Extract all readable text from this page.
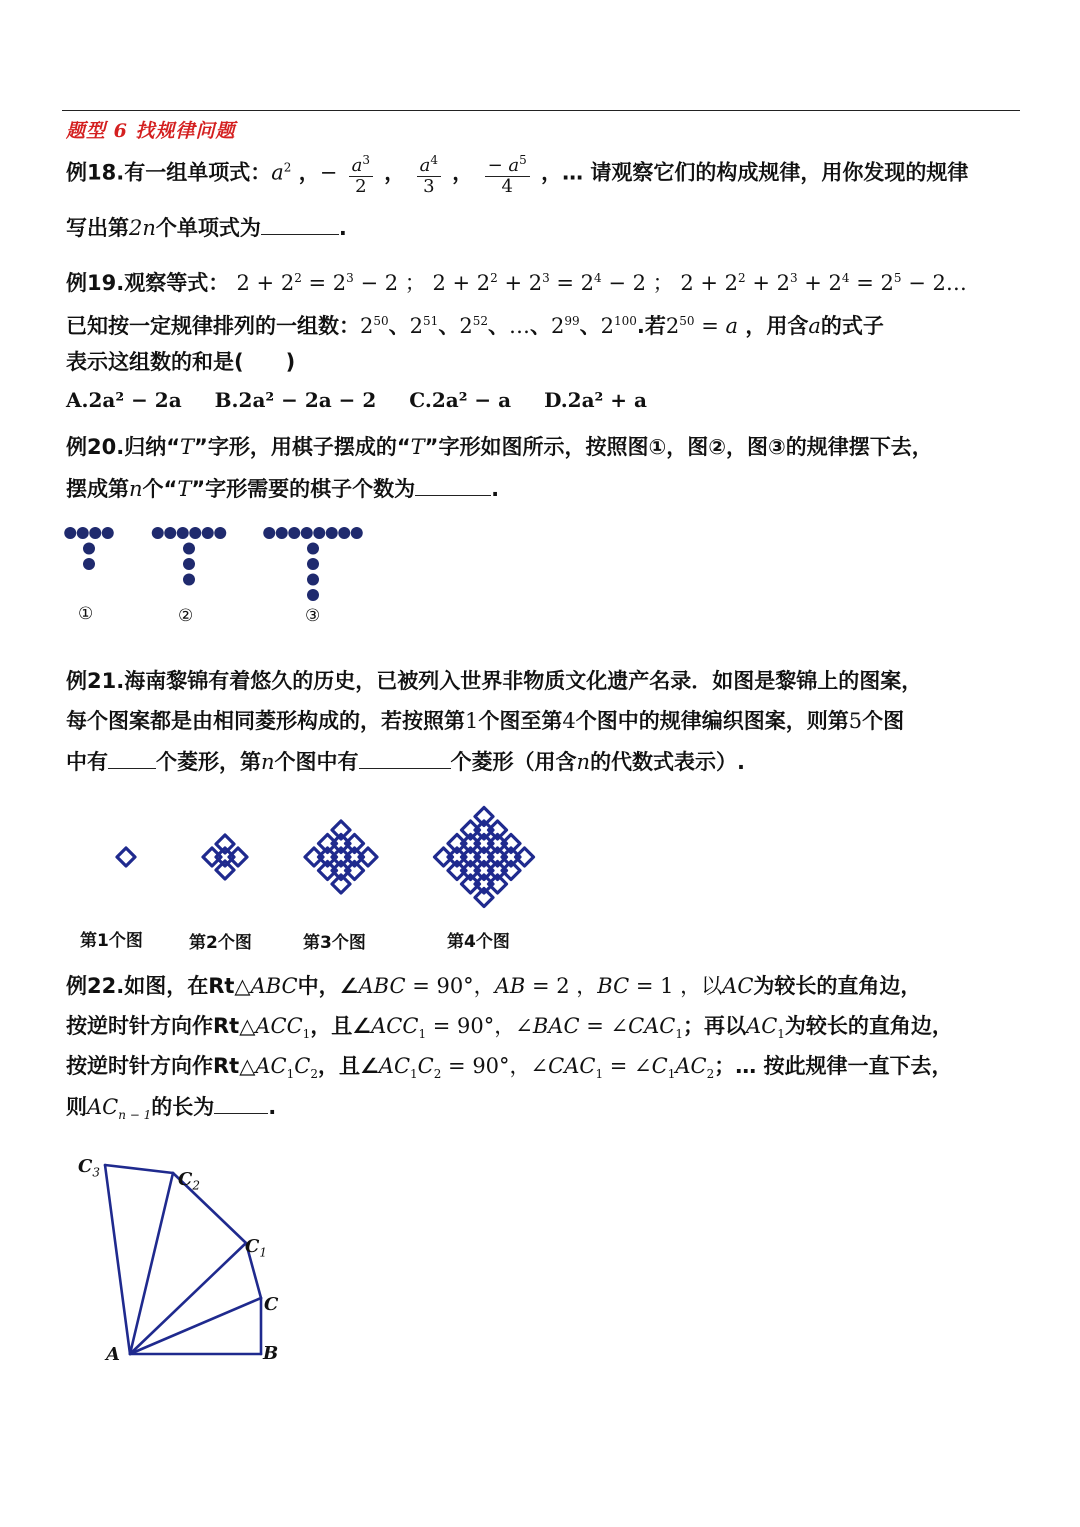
题型 6 找规律问题
例18.有一组单项式：$a^2$ ，− $\frac{a^3}{2}$ ， $\frac{a^4}{3}$ ， $\frac{- a^5}{4}$ ，… 请观察它们的构成规律，用你发现的规律
写出第2n个单项式为	.
例19.观察等式： $2 + 2^2 = 2^3 - 2$ ； $2 + 2^2 + 2^3 = 2^4 - 2$ ； $2 + 2^2 + 2^3 + 2^4 = 2^5$ − 2…
已知按一定规律排列的一组数：$2^{50}$、$2^{51}$、$2^{52}$、…、$2^{99}$、$2^{100}$.若$2^{50} = a$ ，用含a的式子
表示这组数的和是(　　)
A.2a² − 2a B.2a² − 2a − 2 C.2a² − a D.2a² + a
例20.归纳“T”字形，用棋子摆成的“T”字形如图所示，按照图①，图②，图③的规律摆下去，
摆成第n个“T”字形需要的棋子个数为	.
①	②	③
例21.海南黎锦有着悠久的历史，已被列入世界非物质文化遗产名录．如图是黎锦上的图案，
每个图案都是由相同菱形构成的，若按照第1个图至第4个图中的规律编织图案，则第5个图
中有 个菱形，第n个图中有	个菱形（用含n的代数式表示）.
第1个图	第2个图	第3个图	第4个图
例22.如图，在Rt△ABC中，∠ABC = 90°，AB = 2 ，BC = 1 ，以AC为较长的直角边，
按逆时针方向作$Rt\triangle ACC_1$，且$\angle ACC_1 = 90^\circ$，∠BAC = $\angle CAC_1$；再以$AC_1$为较长的直角边，
按逆时针方向作$Rt\triangle AC_1C_2$，且$\angle AC_1C_2 = 90^\circ$，$\angle CAC_1$ = $\angle C_1AC_2$；… 按此规律一直下去，
则$AC_{n - 1}$的长为	.
A	B
C
$C_1$
$C_2$
$C_3$
